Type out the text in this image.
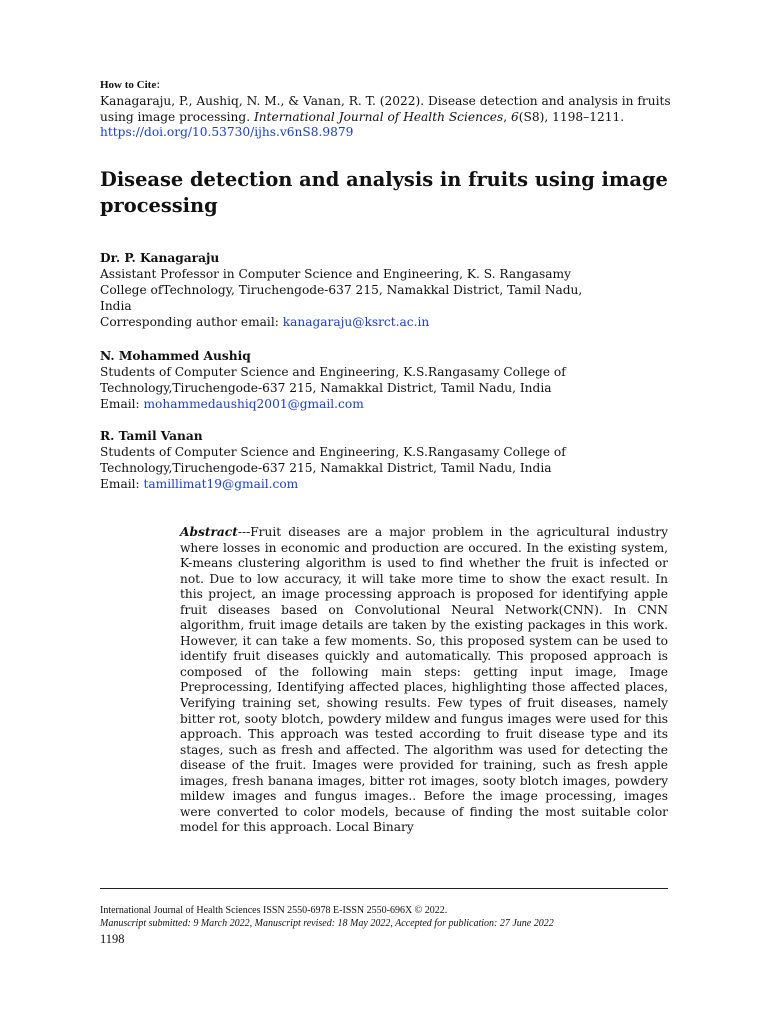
How to Cite:
Kanagaraju, P., Aushiq, N. M., & Vanan, R. T. (2022). Disease detection and analysis in fruits using image processing. International Journal of Health Sciences, 6(S8), 1198–1211.
https://doi.org/10.53730/ijhs.v6nS8.9879
Disease detection and analysis in fruits using image processing
Dr. P. Kanagaraju
Assistant Professor in Computer Science and Engineering, K. S. Rangasamy
College ofTechnology, Tiruchengode-637 215, Namakkal District, Tamil Nadu,
India
Corresponding author email: kanagaraju@ksrct.ac.in
N. Mohammed Aushiq
Students of Computer Science and Engineering, K.S.Rangasamy College of
Technology,Tiruchengode-637 215, Namakkal District, Tamil Nadu, India
Email: mohammedaushiq2001@gmail.com
R. Tamil Vanan
Students of Computer Science and Engineering, K.S.Rangasamy College of
Technology,Tiruchengode-637 215, Namakkal District, Tamil Nadu, India
Email: tamillimat19@gmail.com

Abstract---Fruit diseases are a major problem in the agricultural industry where losses in economic and production are occured. In the existing system, K-means clustering algorithm is used to find whether the fruit is infected or not. Due to low accuracy, it will take more time to show the exact result. In this project, an image processing approach is proposed for identifying apple fruit diseases based on Convolutional Neural Network(CNN). In CNN algorithm, fruit image details are taken by the existing packages in this work. However, it can take a few moments. So, this proposed system can be used to identify fruit diseases quickly and automatically. This proposed approach is composed of the following main steps: getting input image, Image Preprocessing, Identifying affected places, highlighting those affected places, Verifying training set, showing results. Few types of fruit diseases, namely bitter rot, sooty blotch, powdery mildew and fungus images were used for this approach. This approach was tested according to fruit disease type and its stages, such as fresh and affected. The algorithm was used for detecting the disease of the fruit. Images were provided for training, such as fresh apple images, fresh banana images, bitter rot images, sooty blotch images, powdery mildew images and fungus images.. Before the image processing, images were converted to color models, because of finding the most suitable color model for this approach. Local Binary

International Journal of Health Sciences ISSN 2550-6978 E-ISSN 2550-696X © 2022.
Manuscript submitted: 9 March 2022, Manuscript revised: 18 May 2022, Accepted for publication: 27 June 2022
1198
